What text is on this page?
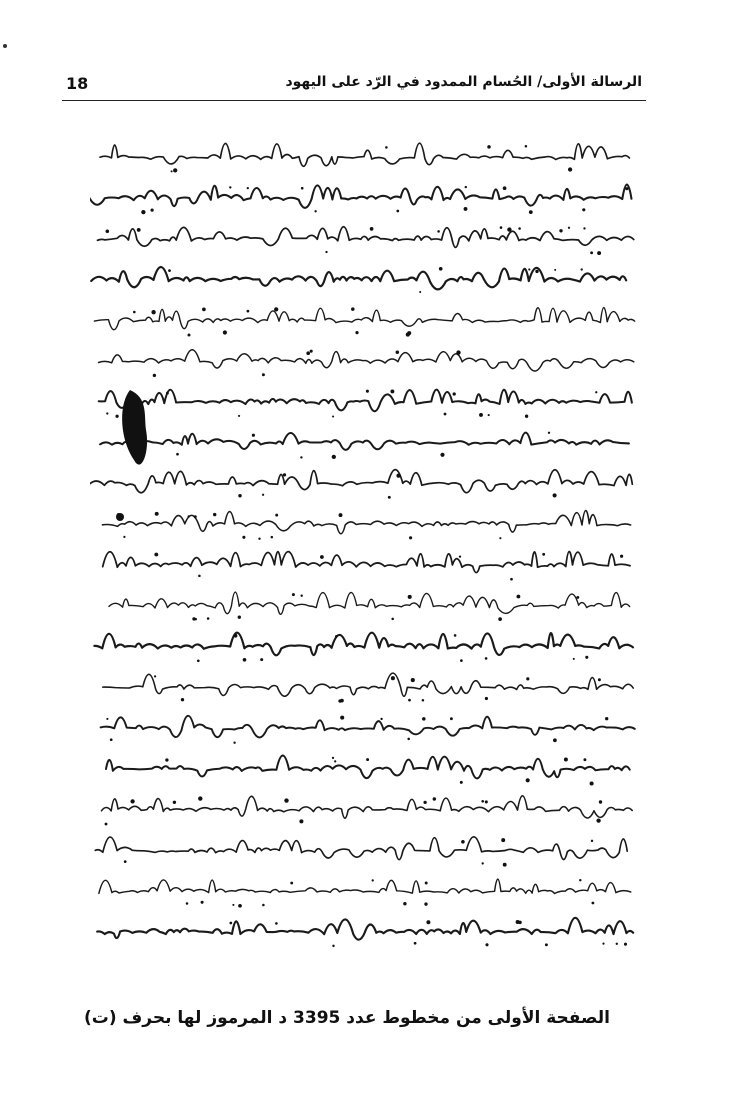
18	الرسالة الأولى/ الحُسام الممدود في الرّد على اليهود
الصفحة الأولى من مخطوط عدد 3395 د المرموز لها بحرف (ت)
